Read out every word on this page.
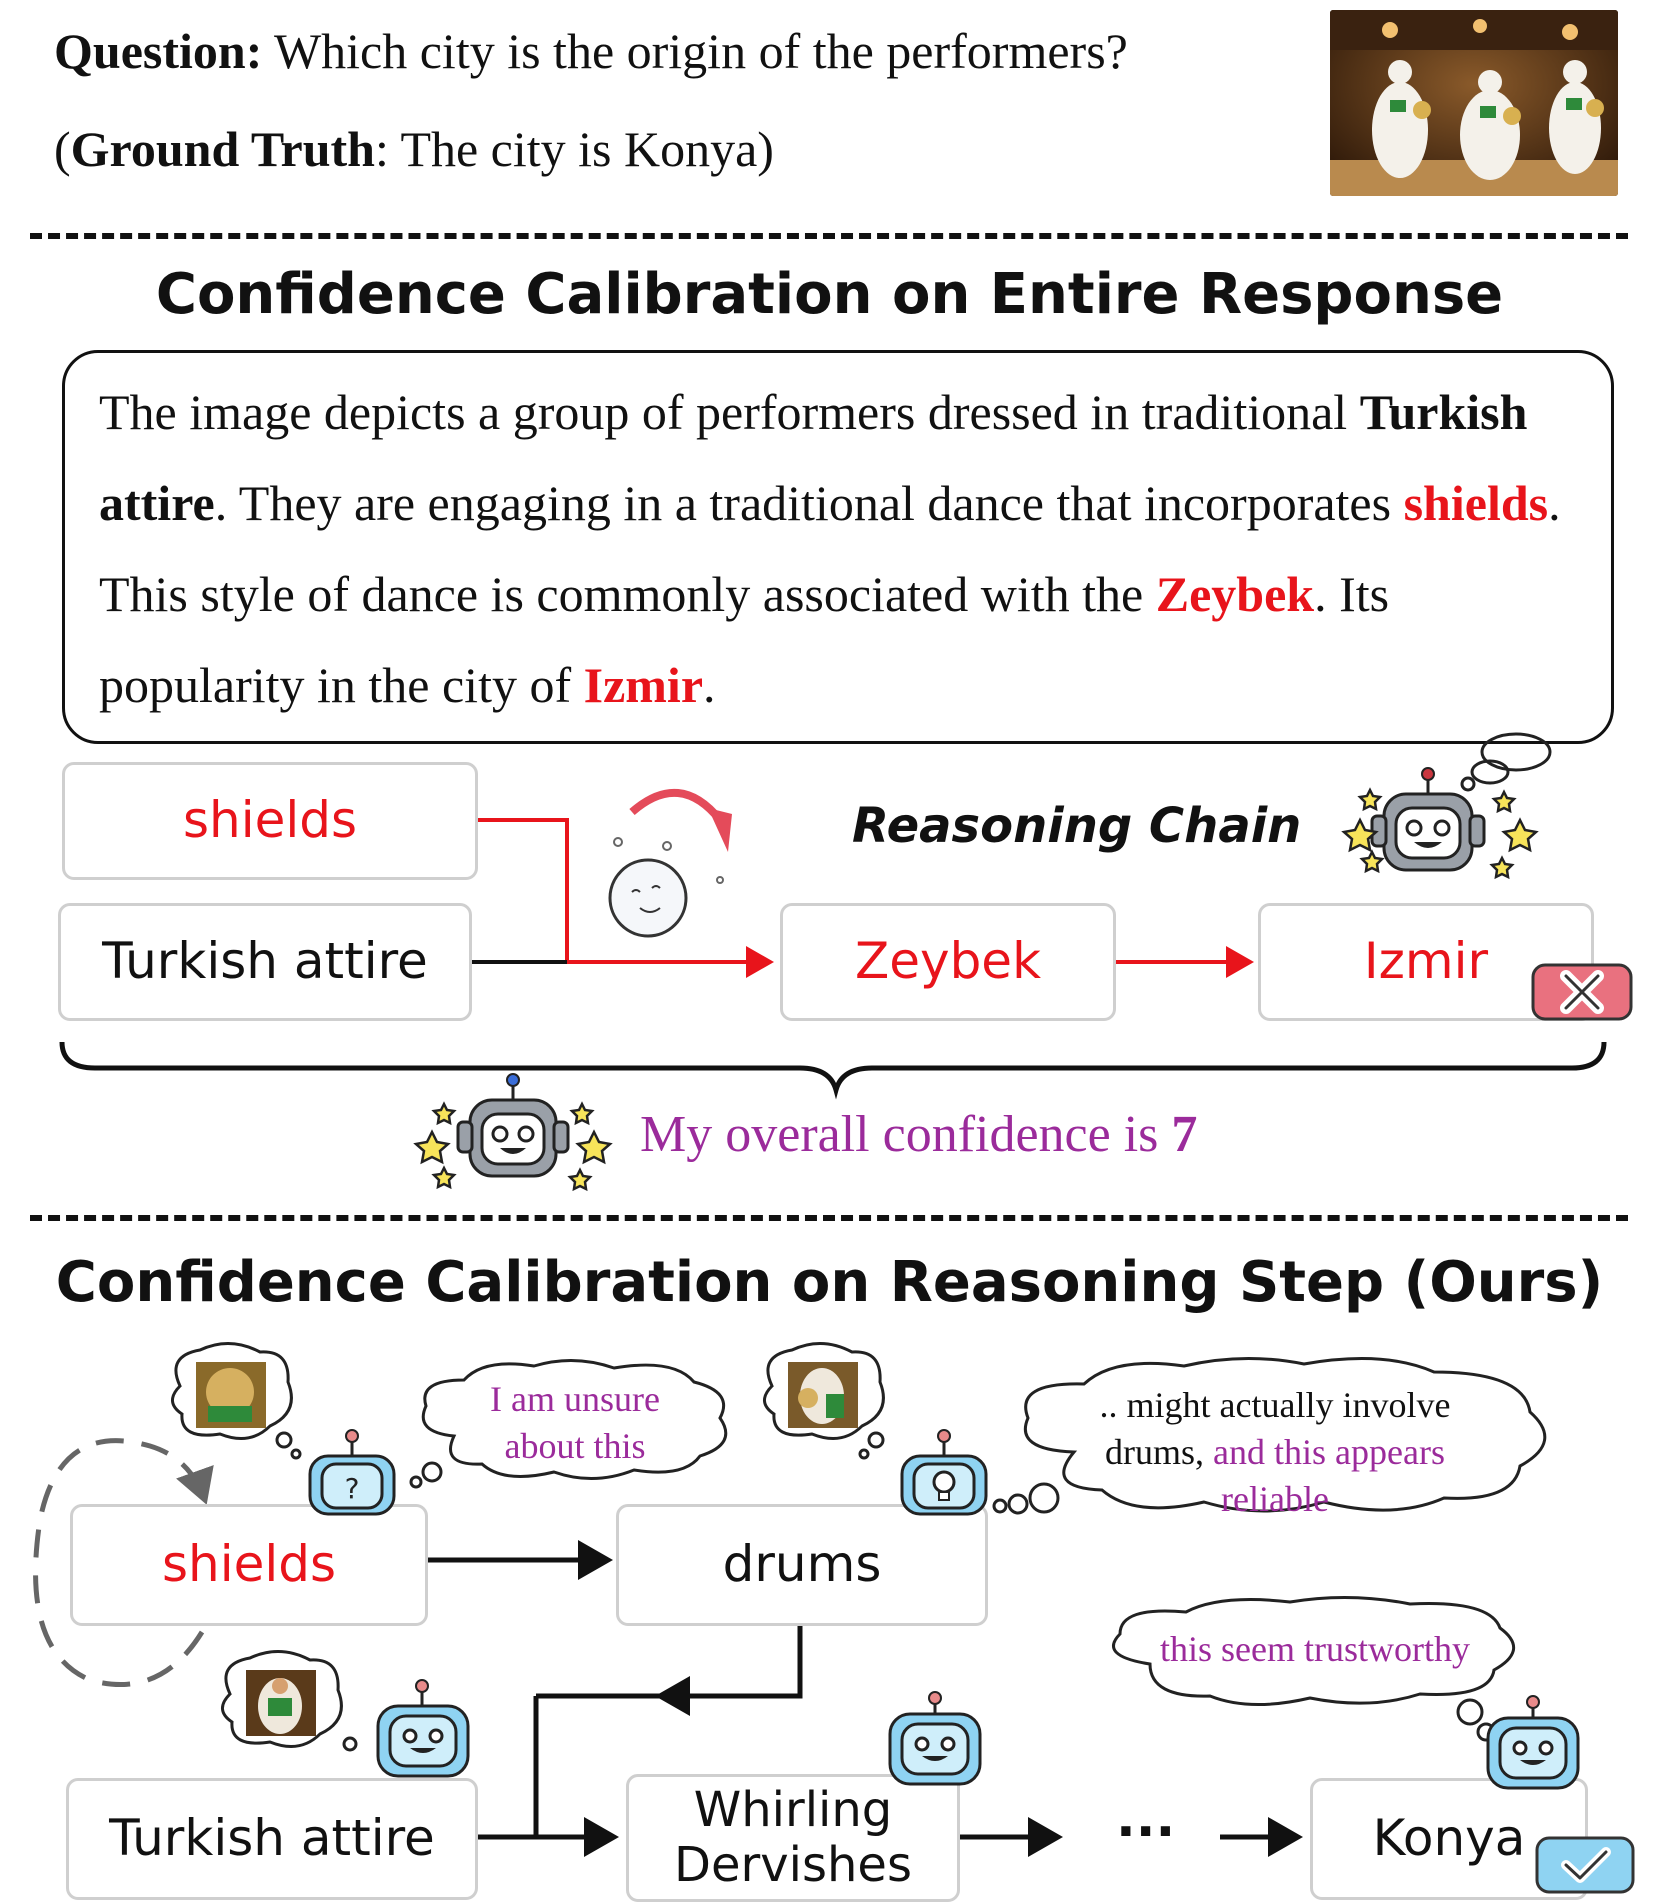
Question: Which city is the origin of the performers?
(Ground Truth: The city is Konya)
Confidence Calibration on Entire Response
The image depicts a group of performers dressed in traditional Turkish attire. They are engaging in a traditional dance that incorporates shields. This style of dance is commonly associated with the Zeybek. Its popularity in the city of Izmir.
shields
Turkish attire	Zeybek	Izmir
Reasoning Chain
My overall confidence is 7
Confidence Calibration on Reasoning Step (Ours)
shields	drums
Turkish attire	Whirling Dervishes
···	Konya
I am unsure about this
.. might actually involve drums, and this appears reliable
this seem trustworthy
?
